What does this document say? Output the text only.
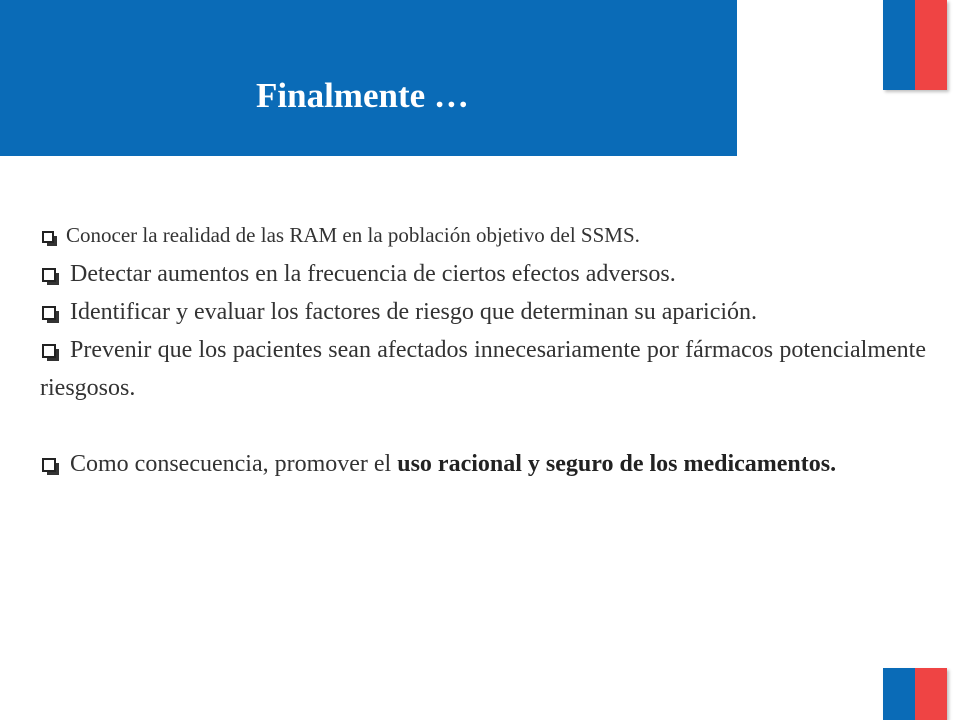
Finalmente …
Conocer la realidad de las RAM en la población objetivo del SSMS.
Detectar aumentos en la frecuencia de ciertos efectos adversos.
Identificar y evaluar los factores de riesgo que determinan su aparición.
Prevenir que los pacientes sean afectados innecesariamente por fármacos potencialmente riesgosos.
Como consecuencia, promover el uso racional y seguro de los medicamentos.
